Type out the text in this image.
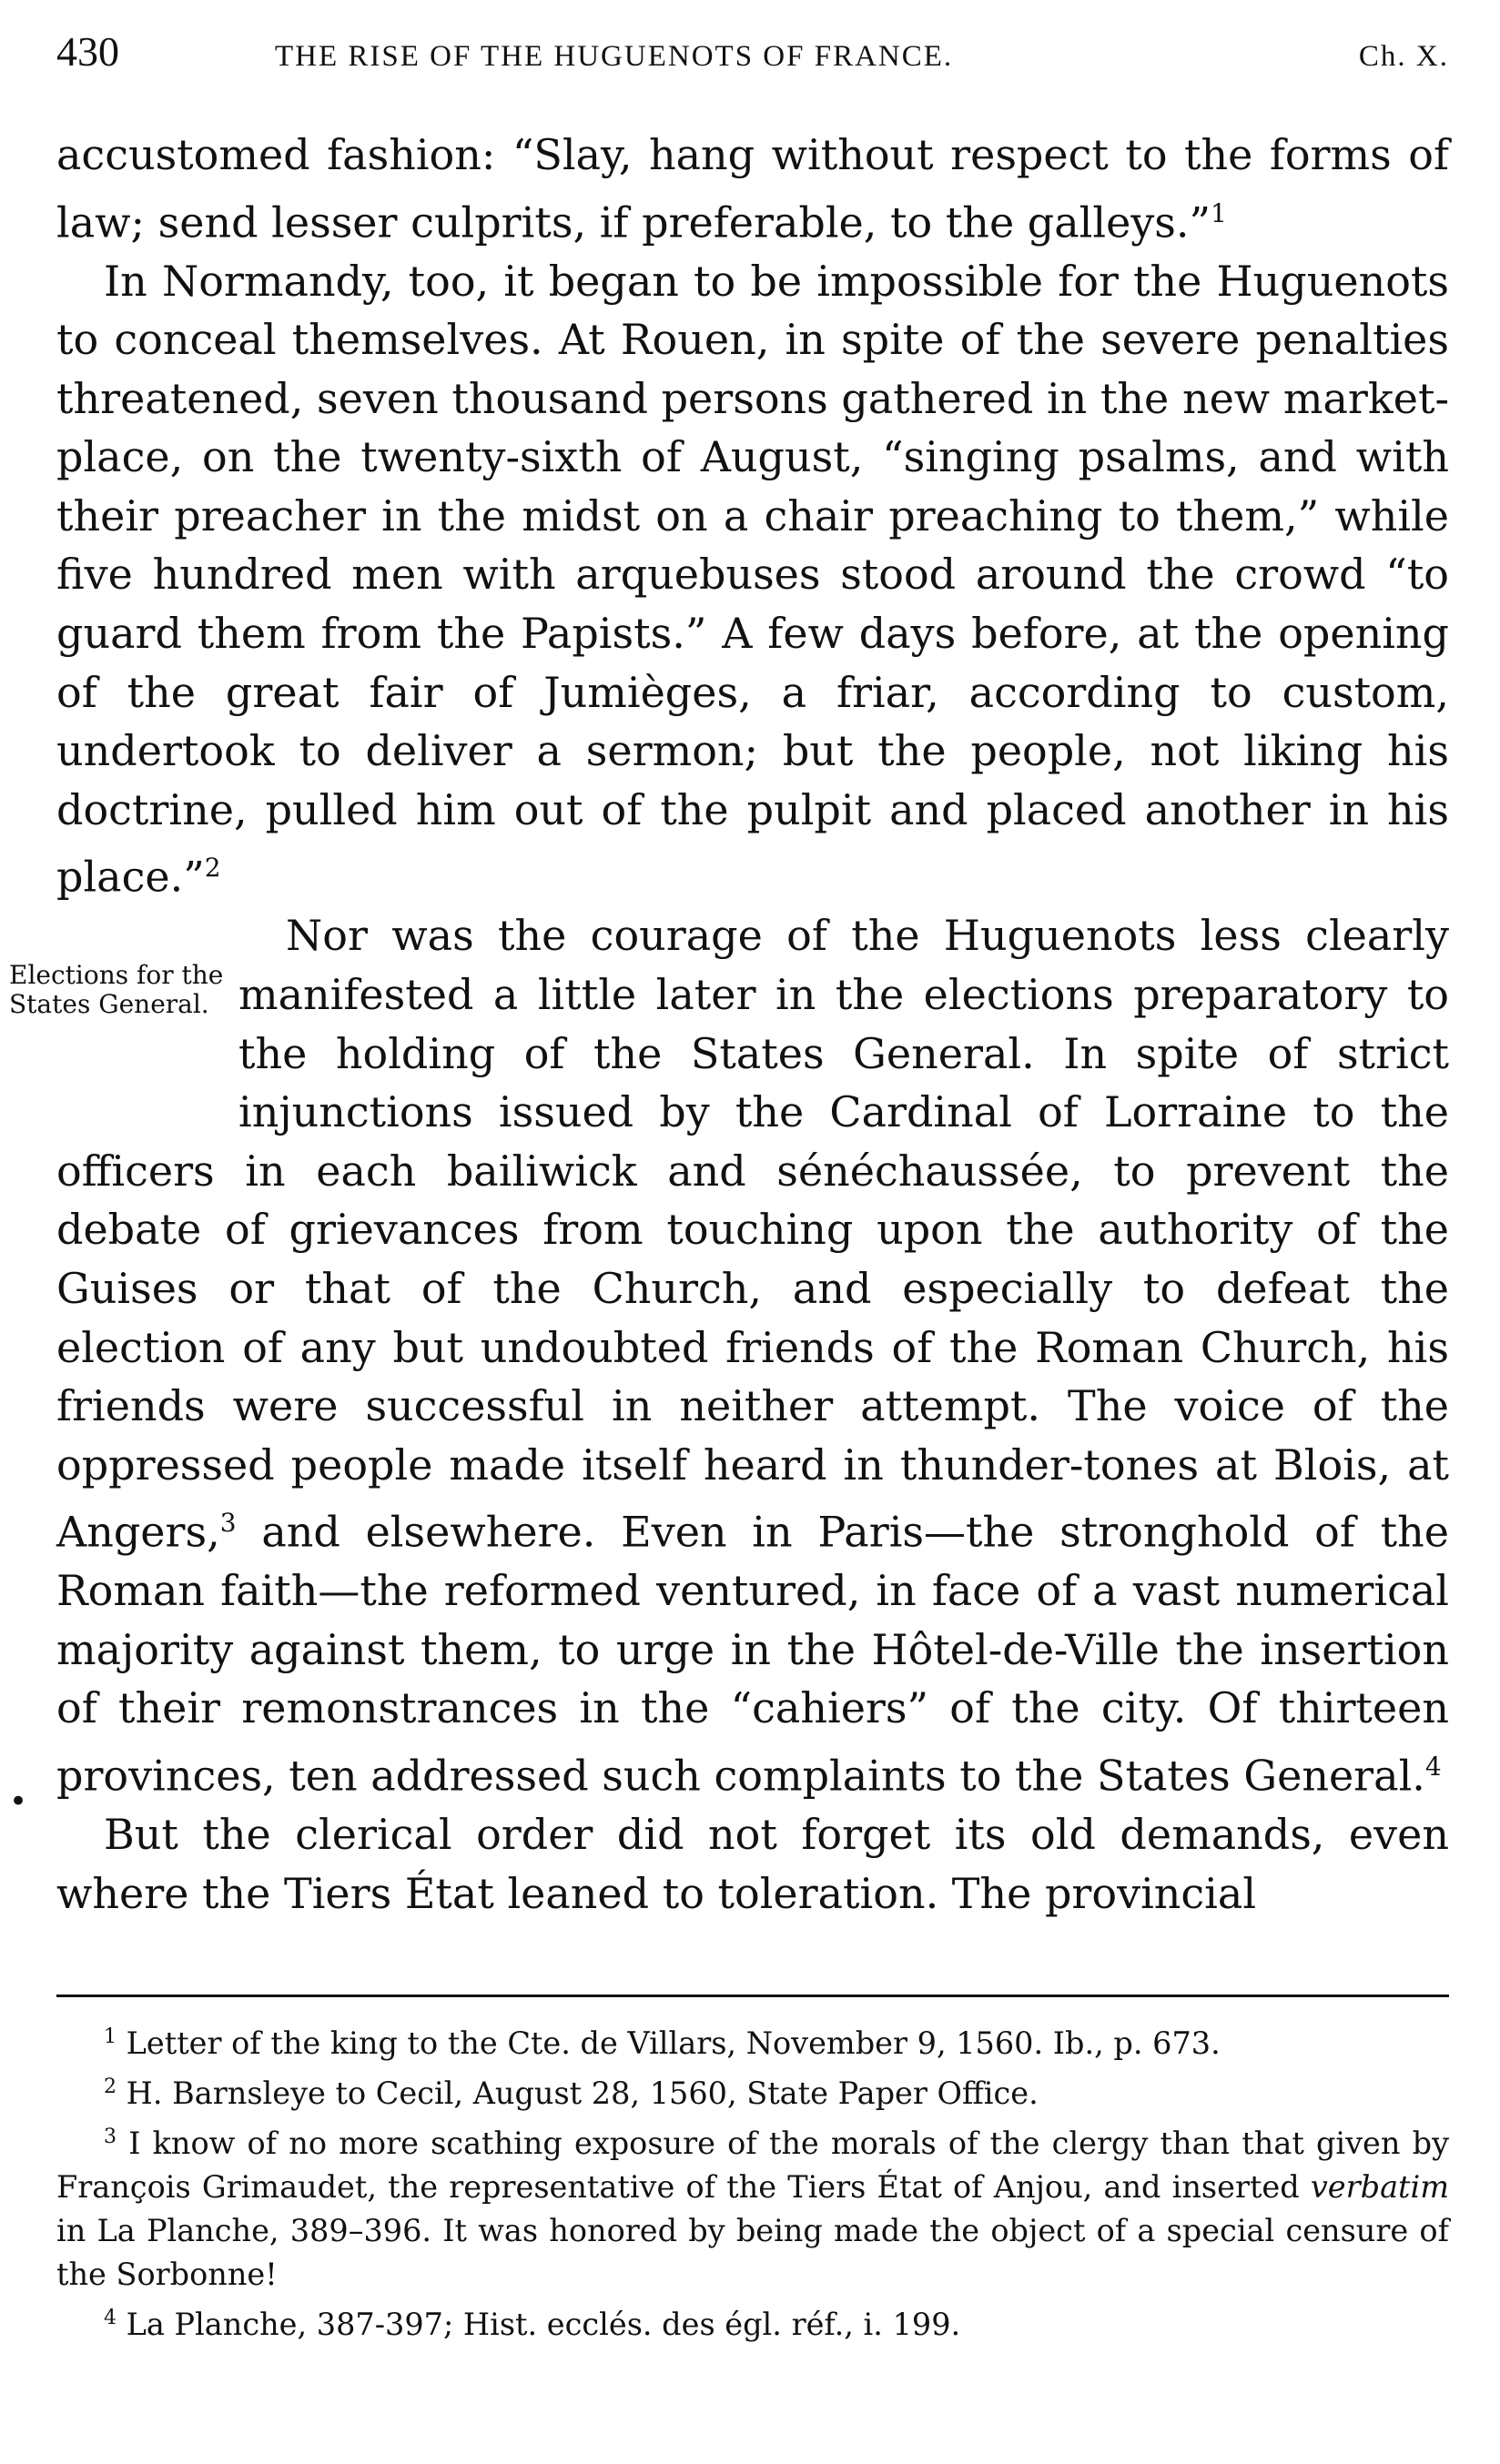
430	THE RISE OF THE HUGUENOTS OF FRANCE.	Ch. X.

accustomed fashion: “Slay, hang without respect to the forms of law; send lesser culprits, if preferable, to the galleys.”$^1$

In Normandy, too, it began to be impossible for the Huguenots to conceal themselves. At Rouen, in spite of the severe penalties threatened, seven thousand persons gathered in the new market-place, on the twenty-sixth of August, “singing psalms, and with their preacher in the midst on a chair preaching to them,” while five hundred men with arquebuses stood around the crowd “to guard them from the Papists.” A few days before, at the opening of the great fair of Jumièges, a friar, according to custom, undertook to deliver a sermon; but the people, not liking his doctrine, pulled him out of the pulpit and placed another in his place.”$^2$

Elections for the States General.
Nor was the courage of the Huguenots less clearly manifested a little later in the elections preparatory to the holding of the States General. In spite of strict injunctions issued by the Cardinal of Lorraine to the officers in each bailiwick and sénéchaussée, to prevent the debate of grievances from touching upon the authority of the Guises or that of the Church, and especially to defeat the election of any but undoubted friends of the Roman Church, his friends were successful in neither attempt. The voice of the oppressed people made itself heard in thunder-tones at Blois, at Angers,$^3$ and elsewhere. Even in Paris—the stronghold of the Roman faith—the reformed ventured, in face of a vast numerical majority against them, to urge in the Hôtel-de-Ville the insertion of their remonstrances in the “cahiers” of the city. Of thirteen provinces, ten addressed such complaints to the States General.$^4$

But the clerical order did not forget its old demands, even where the Tiers État leaned to toleration. The provincial

•

$^1$ Letter of the king to the Cte. de Villars, November 9, 1560. Ib., p. 673.

$^2$ H. Barnsleye to Cecil, August 28, 1560, State Paper Office.

$^3$ I know of no more scathing exposure of the morals of the clergy than that given by François Grimaudet, the representative of the Tiers État of Anjou, and inserted verbatim in La Planche, 389–396. It was honored by being made the object of a special censure of the Sorbonne!

$^4$ La Planche, 387-397; Hist. ecclés. des égl. réf., i. 199.
